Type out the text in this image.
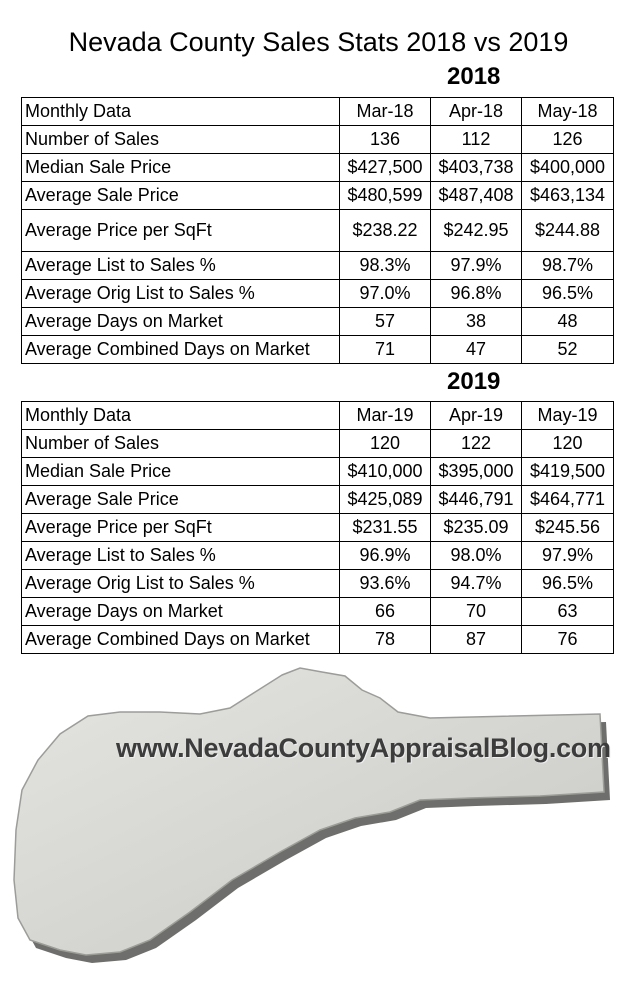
Nevada County Sales Stats 2018 vs 2019
2018
Monthly Data	Mar-18	Apr-18	May-18
Number of Sales	136	112	126
Median Sale Price	$427,500	$403,738	$400,000
Average Sale Price	$480,599	$487,408	$463,134
Average Price per SqFt	$238.22	$242.95	$244.88
Average List to Sales %	98.3%	97.9%	98.7%
Average Orig List to Sales %	97.0%	96.8%	96.5%
Average Days on Market	57	38	48
Average Combined Days on Market	71	47	52
2019
Monthly Data	Mar-19	Apr-19	May-19
Number of Sales	120	122	120
Median Sale Price	$410,000	$395,000	$419,500
Average Sale Price	$425,089	$446,791	$464,771
Average Price per SqFt	$231.55	$235.09	$245.56
Average List to Sales %	96.9%	98.0%	97.9%
Average Orig List to Sales %	93.6%	94.7%	96.5%
Average Days on Market	66	70	63
Average Combined Days on Market	78	87	76
www.NevadaCountyAppraisalBlog.com
